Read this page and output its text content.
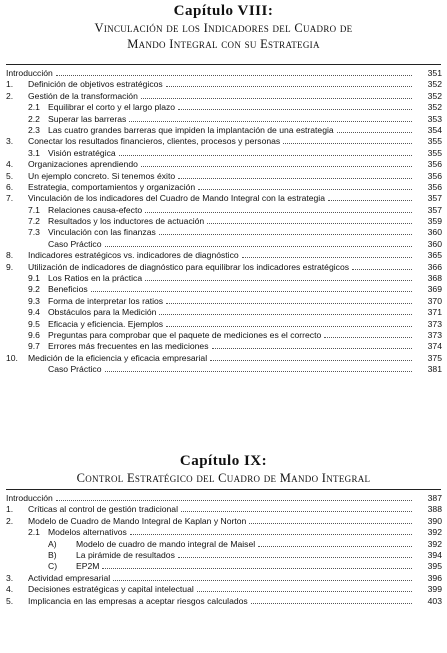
Capítulo VIII:
Vinculación de los Indicadores del Cuadro de
Mando Integral con su Estrategia
Introducción	351
1.	Definición de objetivos estratégicos	352
2.	Gestión de la transformación	352
2.1 Equilibrar el corto y el largo plazo	352
2.2 Superar las barreras	353
2.3 Las cuatro grandes barreras que impiden la implantación de una estrategia	354
3.	Conectar los resultados financieros, clientes, procesos y personas	355
3.1 Visión estratégica	355
4.	Organizaciones aprendiendo	356
5.	Un ejemplo concreto. Si tenemos éxito	356
6.	Estrategia, comportamientos y organización	356
7.	Vinculación de los indicadores del Cuadro de Mando Integral con la estrategia	357
7.1 Relaciones causa-efecto	357
7.2 Resultados y los inductores de actuación	359
7.3 Vinculación con las finanzas	360
Caso Práctico	360
8.	Indicadores estratégicos vs. indicadores de diagnóstico	365
9.	Utilización de indicadores de diagnóstico para equilibrar los indicadores estratégicos	366
9.1 Los Ratios en la práctica	368
9.2 Beneficios	369
9.3 Forma de interpretar los ratios	370
9.4 Obstáculos para la Medición	371
9.5 Eficacia y eficiencia. Ejemplos	373
9.6 Preguntas para comprobar que el paquete de mediciones es el correcto	373
9.7 Errores más frecuentes en las mediciones	374
10.	Medición de la eficiencia y eficacia empresarial	375
Caso Práctico	381
Capítulo IX:
Control Estratégico del Cuadro de Mando Integral
Introducción	387
1.	Críticas al control de gestión tradicional	388
2.	Modelo de Cuadro de Mando Integral de Kaplan y Norton	390
2.1 Modelos alternativos	392
A)	Modelo de cuadro de mando integral de Maisel	392
B)	La pirámide de resultados	394
C)	EP2M	395
3.	Actividad empresarial	396
4.	Decisiones estratégicas y capital intelectual	399
5.	Implicancia en las empresas a aceptar riesgos calculados	403
